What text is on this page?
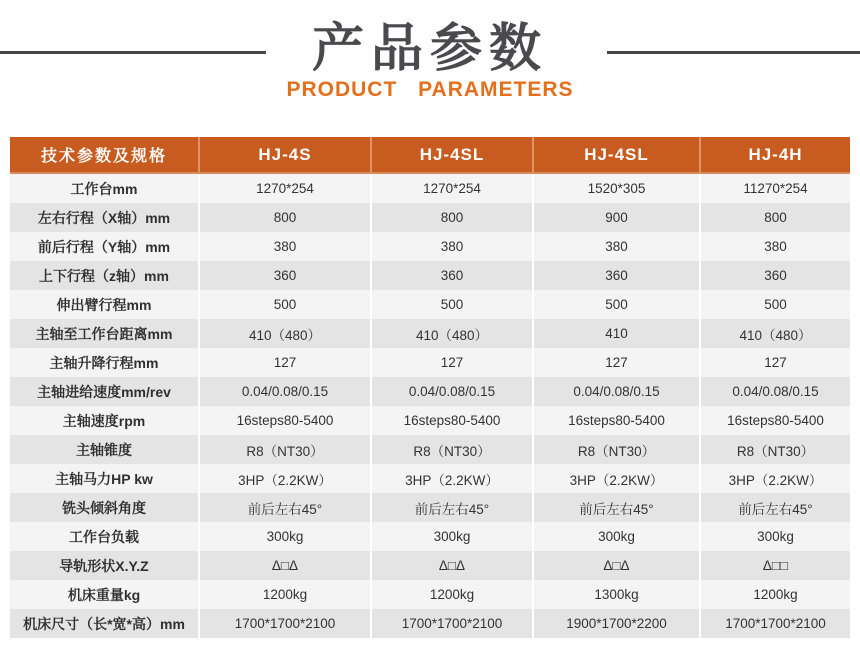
产品参数
PRODUCT PARAMETERS
技术参数及规格	HJ-4S	HJ-4SL	HJ-4SL	HJ-4H
工作台mm	1270*254	1270*254	1520*305	11270*254
左右行程（X轴）mm	800	800	900	800
前后行程（Y轴）mm	380	380	380	380
上下行程（z轴）mm	360	360	360	360
伸出臂行程mm	500	500	500	500
主轴至工作台距离mm	410（480）	410（480）	410	410（480）
主轴升降行程mm	127	127	127	127
主轴进给速度mm/rev	0.04/0.08/0.15	0.04/0.08/0.15	0.04/0.08/0.15	0.04/0.08/0.15
主轴速度rpm	16steps80-5400	16steps80-5400	16steps80-5400	16steps80-5400
主轴锥度	R8（NT30）	R8（NT30）	R8（NT30）	R8（NT30）
主轴马力HP kw	3HP（2.2KW）	3HP（2.2KW）	3HP（2.2KW）	3HP（2.2KW）
铣头倾斜角度	前后左右45°	前后左右45°	前后左右45°	前后左右45°
工作台负载	300kg	300kg	300kg	300kg
导轨形状X.Y.Z	Δ□Δ	Δ□Δ	Δ□Δ	Δ□□
机床重量kg	1200kg	1200kg	1300kg	1200kg
机床尺寸（长*宽*高）mm	1700*1700*2100	1700*1700*2100	1900*1700*2200	1700*1700*2100
